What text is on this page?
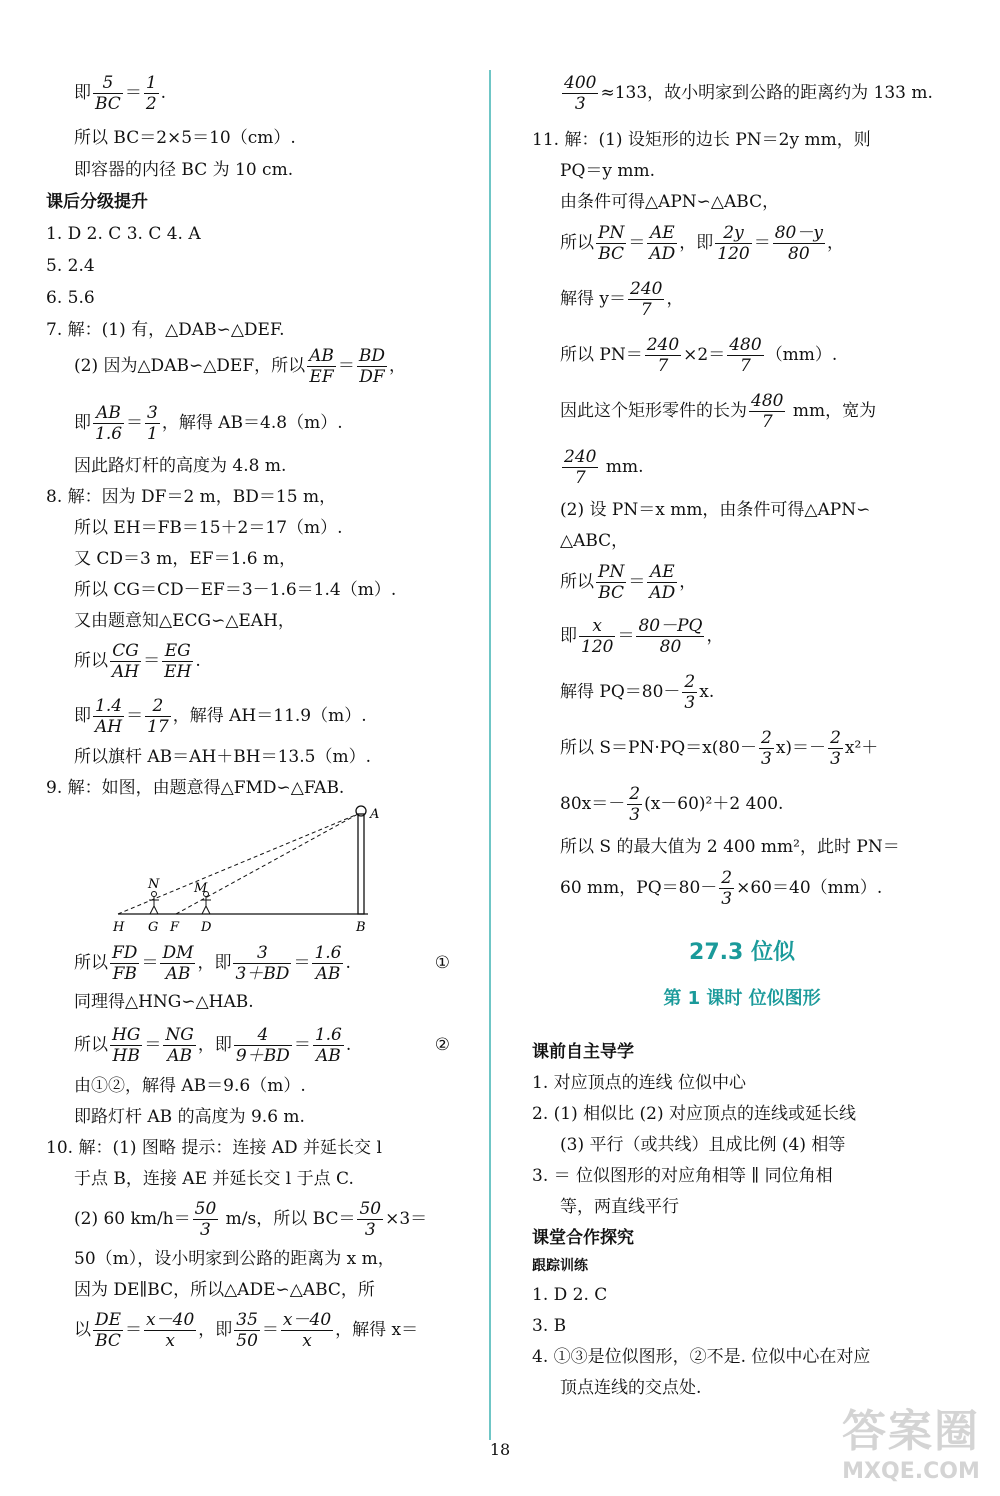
即 $\frac{5}{BC} = \frac{1}{2}$ .

所以 BC＝2×5＝10（cm）.

即容器的内径 BC 为 10 cm.

课后分级提升

1. D 2. C 3. C 4. A

5. 2.4

6. 5.6

7. 解：(1) 有，△DAB∽△DEF.

(2) 因为△DAB∽△DEF，所以 $\frac{AB}{EF} = \frac{BD}{DF}$ ，

即 $\frac{AB}{1.6} = \frac{3}{1}$ ，解得 AB＝4.8（m）.

因此路灯杆的高度为 4.8 m.

8. 解：因为 DF＝2 m，BD＝15 m，

所以 EH＝FB＝15＋2＝17（m）.

又 CD＝3 m，EF＝1.6 m，

所以 CG＝CD－EF＝3－1.6＝1.4（m）.

又由题意知△ECG∽△EAH，

所以 $\frac{CG}{AH} = \frac{EG}{EH}$ .

即 $\frac{1.4}{AH} = \frac{2}{17}$ ，解得 AH＝11.9（m）.

所以旗杆 AB＝AH＋BH＝13.5（m）.

9. 解：如图，由题意得△FMD∽△FAB.

A
N	M
H G F D	B

所以 $\frac{FD}{FB} = \frac{DM}{AB}$ ，即 $\frac{3}{3+BD} = \frac{1.6}{AB}$ .	①

同理得△HNG∽△HAB.

所以 $\frac{HG}{HB} = \frac{NG}{AB}$ ，即 $\frac{4}{9+BD} = \frac{1.6}{AB}$ .	②

由①②，解得 AB＝9.6（m）.

即路灯杆 AB 的高度为 9.6 m.

10. 解：(1) 图略 提示：连接 AD 并延长交 l

于点 B，连接 AE 并延长交 l 于点 C.

(2) 60 $km/h= \frac{50}{3} m/s$，所以 $BC= \frac{50}{3} \times 3=$

50（m），设小明家到公路的距离为 x m，

因为 DE∥BC，所以△ADE∽△ABC，所

以 $\frac{DE}{BC} = \frac{x-40}{x}$ ，即 $\frac{35}{50} = \frac{x-40}{x}$ ，解得 x＝

$\frac{400}{3} \approx 133$，故小明家到公路的距离约为 133 m.

11. 解：(1) 设矩形的边长 PN＝2y mm，则

PQ＝y mm.

由条件可得△APN∽△ABC，

所以 $\frac{PN}{BC} = \frac{AE}{AD}$ ，即 $\frac{2y}{120} = \frac{80-y}{80}$ ，

解得 $y= \frac{240}{7}$ ，

所以 $PN= \frac{240}{7} \times 2= \frac{480}{7} (mm)$.

因此这个矩形零件的长为 $\frac{480}{7}$ mm，宽为

$\frac{240}{7}$ mm.

(2) 设 PN＝x mm，由条件可得△APN∽

△ABC，

所以 $\frac{PN}{BC} = \frac{AE}{AD}$ ，

即 $\frac{x}{120} = \frac{80-PQ}{80}$ ，

解得 $PQ=80- \frac{2}{3} x$.

所以 $S=PN\cdot PQ=x(80- \frac{2}{3} x)=- \frac{2}{3} x^2+$

$80x=- \frac{2}{3} (x-60)^2+2$ 400.

所以 S 的最大值为 2 400 mm²，此时 PN＝

60 mm，$PQ=80- \frac{2}{3} \times 60=40(mm)$.

27.3 位似
第 1 课时 位似图形

课前自主导学

1. 对应顶点的连线 位似中心

2. (1) 相似比 (2) 对应顶点的连线或延长线

(3) 平行（或共线）且成比例 (4) 相等

3. ＝ 位似图形的对应角相等 ∥ 同位角相

等，两直线平行

课堂合作探究

跟踪训练

1. D 2. C

3. B

4. ①③是位似图形，②不是. 位似中心在对应

顶点连线的交点处.

18	答案圈
MXQE.COM
